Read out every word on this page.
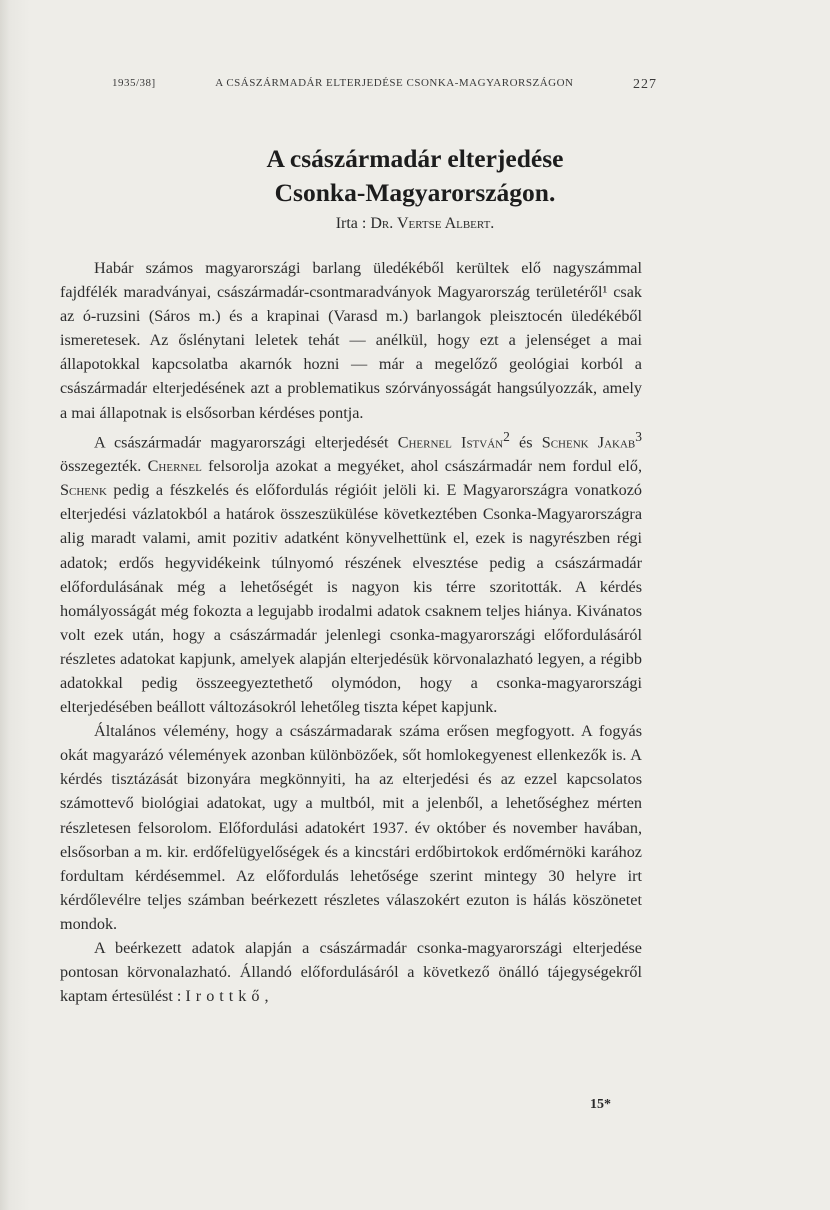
1935/38]	A CSÁSZÁRMADÁR ELTERJEDÉSE CSONKA-MAGYARORSZÁGON	227
A császármadár elterjedése
Csonka-Magyarországon.
Irta : Dr. Vertse Albert.

Habár számos magyarországi barlang üledékéből kerültek elő nagyszámmal fajdfélék maradványai, császármadár-csontmaradványok Magyarország területéről¹ csak az ó-ruzsini (Sáros m.) és a krapinai (Varasd m.) barlangok pleisztocén üledékéből ismeretesek. Az őslénytani leletek tehát — anélkül, hogy ezt a jelenséget a mai állapotokkal kapcsolatba akarnók hozni — már a megelőző geológiai korból a császármadár elterjedésének azt a problematikus szórványosságát hangsúlyozzák, amely a mai állapotnak is elsősorban kérdéses pontja.

A császármadár magyarországi elterjedését Chernel István$^2$ és Schenk Jakab$^3$ összegezték. Chernel felsorolja azokat a megyéket, ahol császármadár nem fordul elő, Schenk pedig a fészkelés és előfordulás régióit jelöli ki. E Magyarországra vonatkozó elterjedési vázlatokból a határok összeszükülése következtében Csonka-Magyarországra alig maradt valami, amit pozitiv adatként könyvelhettünk el, ezek is nagyrészben régi adatok; erdős hegyvidékeink túlnyomó részének elvesztése pedig a császármadár előfordulásának még a lehetőségét is nagyon kis térre szoritották. A kérdés homályosságát még fokozta a legujabb irodalmi adatok csaknem teljes hiánya. Kivánatos volt ezek után, hogy a császármadár jelenlegi csonka-magyarországi előfordulásáról részletes adatokat kapjunk, amelyek alapján elterjedésük körvonalazható legyen, a régibb adatokkal pedig összeegyeztethető olymódon, hogy a csonka-magyarországi elterjedésében beállott változásokról lehetőleg tiszta képet kapjunk.

Általános vélemény, hogy a császármadarak száma erősen megfogyott. A fogyás okát magyarázó vélemények azonban különbözőek, sőt homlokegyenest ellenkezők is. A kérdés tisztázását bizonyára megkönnyiti, ha az elterjedési és az ezzel kapcsolatos számottevő biológiai adatokat, ugy a multból, mit a jelenből, a lehetőséghez mérten részletesen felsorolom. Előfordulási adatokért 1937. év október és november havában, elsősorban a m. kir. erdőfelügyelőségek és a kincstári erdőbirtokok erdőmérnöki karához fordultam kérdésemmel. Az előfordulás lehetősége szerint mintegy 30 helyre irt kérdőlevélre teljes számban beérkezett részletes válaszokért ezuton is hálás köszönetet mondok.

A beérkezett adatok alapján a császármadár csonka-magyarországi elterjedése pontosan körvonalazható. Állandó előfordulásáról a következő önálló tájegységekről kaptam értesülést : Irottkő,

15*
